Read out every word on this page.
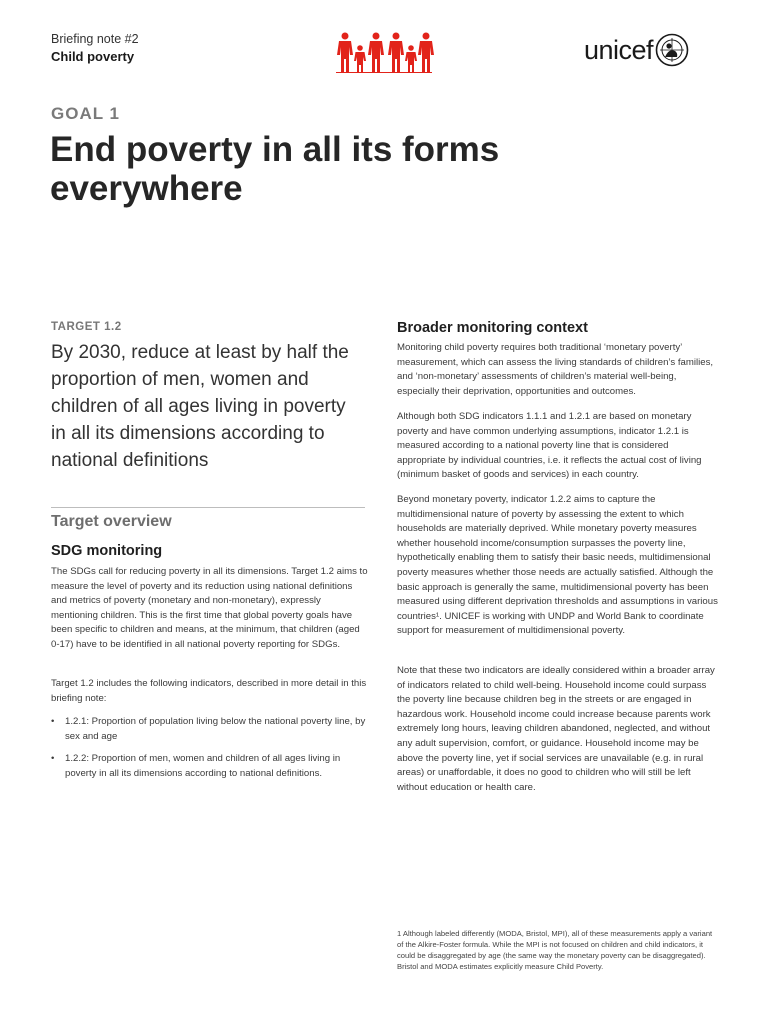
Briefing note #2
Child poverty	unicef
GOAL 1
End poverty in all its forms everywhere
TARGET 1.2
By 2030, reduce at least by half the proportion of men, women and children of all ages living in poverty in all its dimensions according to national definitions
Target overview
SDG monitoring
The SDGs call for reducing poverty in all its dimensions. Target 1.2 aims to measure the level of poverty and its reduction using national definitions and metrics of poverty (monetary and non-monetary), expressly mentioning children. This is the first time that global poverty goals have been specific to children and means, at the minimum, that children (aged 0-17) have to be identified in all national poverty reporting for SDGs.
Target 1.2 includes the following indicators, described in more detail in this briefing note:
• 1.2.1: Proportion of population living below the national poverty line, by sex and age
• 1.2.2: Proportion of men, women and children of all ages living in poverty in all its dimensions according to national definitions.
Broader monitoring context
Monitoring child poverty requires both traditional ‘monetary poverty’ measurement, which can assess the living standards of children’s families, and ‘non-monetary’ assessments of children’s material well-being, especially their deprivation, opportunities and outcomes.
Although both SDG indicators 1.1.1 and 1.2.1 are based on monetary poverty and have common underlying assumptions, indicator 1.2.1 is measured according to a national poverty line that is considered appropriate by individual countries, i.e. it reflects the actual cost of living (minimum basket of goods and services) in each country.
Beyond monetary poverty, indicator 1.2.2 aims to capture the multidimensional nature of poverty by assessing the extent to which households are materially deprived. While monetary poverty measures whether household income/consumption surpasses the poverty line, hypothetically enabling them to satisfy their basic needs, multidimensional poverty measures whether those needs are actually satisfied. Although the basic approach is generally the same, multidimensional poverty has been measured using different deprivation thresholds and assumptions in various countries¹. UNICEF is working with UNDP and World Bank to coordinate support for measurement of multidimensional poverty.
Note that these two indicators are ideally considered within a broader array of indicators related to child well-being. Household income could surpass the poverty line because children beg in the streets or are engaged in hazardous work. Household income could increase because parents work extremely long hours, leaving children abandoned, neglected, and without any adult supervision, comfort, or guidance. Household income may be above the poverty line, yet if social services are unavailable (e.g. in rural areas) or unaffordable, it does no good to children who will still be left without education or health care.
1 Although labeled differently (MODA, Bristol, MPI), all of these measurements apply a variant of the Alkire-Foster formula. While the MPI is not focused on children and child indicators, it could be disaggregated by age (the same way the monetary poverty can be disaggregated). Bristol and MODA estimates explicitly measure Child Poverty.
